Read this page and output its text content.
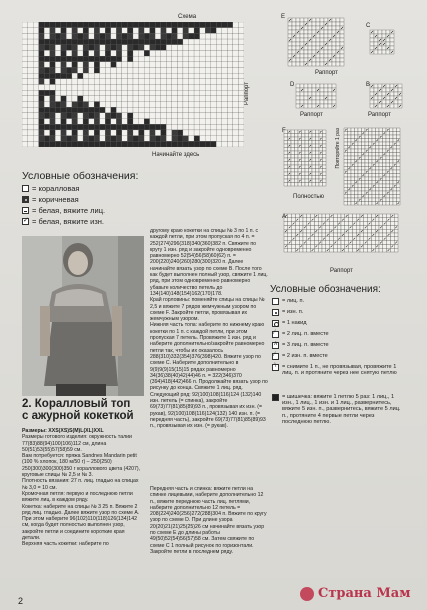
Схема
Раппорт
Начинайте здесь
Условные обозначения:
= коралловая
= коричневая
= белая, вяжите лиц.
✓
= белая, вяжите изн.
2. Коралловый топ
с ажурной кокеткой

Размеры: XXS(XS)S(M)L(XL)XXL

Размеры готового изделия: окружность талии 77(83)88(94)100(106)112 см, длина 50(51)53(55)57(58)59 см.

Вам потребуется: пряжа Sandnes Mandarin petit (100 % хлопок, 180 м/50 г) – 250(250) 250(300)300(300)350 г кораллового цвета (4207), круговые спицы № 2,5 и № 3.

Плотность вязания: 27 п. лиц. гладью на спицах № 3,0 = 10 см.

Кромочная петля: первую и последнюю петли вяжите лиц. в каждом ряду.

Кокетка: наберите на спицы № 3 25 п. Вяжите 2 ряд лиц. гладью. Далее вяжите узор по схеме А. При этом наберите 96(102)110(118)126(134)142 см, когда будет полностью выполнен узор, закройте петли и соедините короткие края детали.

Верхняя часть кокетки: наберите по

другому краю кокетки на спицы № 3 по 1 п. с каждой петли, при этом пропуская по 4 п. = 252(274)296(318)340(360)382 п. Свяжите по кругу 1 изн. ряд и закройте одновременно равномерно 52(54)56(58)60(62) п. = 200(220)240(260)280(300)320 п. Далее начинайте вязать узор по схеме В. После того как будет выполнен полный узор, свяжите 1 лиц. ряд, при этом одновременно равномерно убавьте количество петель до 134(140)148(154)162(170)178.

Край горловины: поменяйте спицы на спицы № 2,5 и вяжите 7 рядов жемчужным узором по схеме F. Закройте петли, провязывая их жемчужным узором.

Нижняя часть топа: наберите по нижнему краю кокетки по 1 п. с каждой петли, при этом пропуская 7 петель. Провяжите 1 изн. ряд и наберите дополнительно/закройте равномерно петли так, чтобы их оказалось 288(310)332(354)376(398)420. Вяжите узор по схеме C. Наберите дополнительно в 9(9)9(9)15(15)15 рядах равномерно 34(36)38(40)42(44)46 п. = 322(346)370 (394)418(442)466 п. Продолжайте вязать узор по рисунку до конца. Свяжите 1 лиц. ряд. Следующий ряд: 92(100)108(116)124 (132)140 изн. петель (= спинка), закройте 69(73)77(81)85(89)93 п., провязывая их изн. (= рукав), 92(100)108(116)124(132) 140 изн. п. (= передняя часть), закройте 69(73)77(81)85(89)93 п., провязывая их изн. (= рукав).

Передняя часть и спинка: вяжите петли на спинке лицевыми, наберите дополнительно 12 п., вяжите переднюю часть лиц. петлями, наберите дополнительно 12 петель = 208(224)240(256)272(288)304 п. Вяжите по кругу узор по схеме D. При длине узора 20(20)21(21)25(25)26 см начинайте вязать узор по схеме E до длины работы 49(50)52(54)56(57)58 см. Затем свяжите по схеме C 1 полный рисунок по горизонтали. Закройте петли в последнем ряду.

E
C
Раппорт
D	B
Раппорт	Раппорт
F	Повторяйте 1 раз
Полностью
A
Раппорт
Условные обозначения:
= лиц. п.
= изн. п.
= 1 накид
⁄
= 2 лиц. п. вместе
∧
= 3 лиц. п. вместе
⁄
= 2 изн. п. вместе
\
= снимите 1 п., не провязывая, провяжите 1 лиц. п. и протяните через нее снятую петлю
= шишечка: вяжите 1 петлю 5 раз: 1 лиц., 1 изн., 1 лиц., 1 изн. и 1 лиц., развернитесь, вяжите 5 изн. п., развернитесь, вяжите 5 лиц. п., протяните 4 первые петли через последнюю петлю.
2	Страна Мам
